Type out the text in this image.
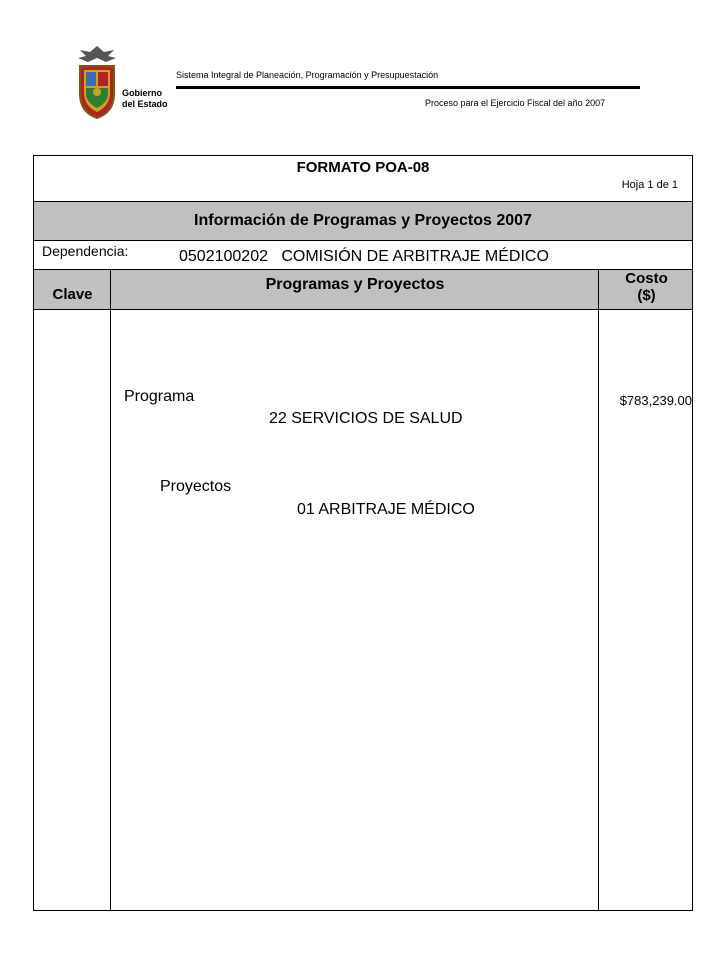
Gobierno
del Estado
Sistema Integral de Planeación, Programación y Presupuestación
Proceso para el Ejercicio Fiscal del año 2007
FORMATO POA-08
Hoja 1 de 1
Información de Programas y Proyectos 2007
Dependencia:	0502100202   COMISIÓN DE ARBITRAJE MÉDICO
Clave
Programas y Proyectos	Costo
($)
Programa
22 SERVICIOS DE SALUD
Proyectos
01 ARBITRAJE MÉDICO
$783,239.00
